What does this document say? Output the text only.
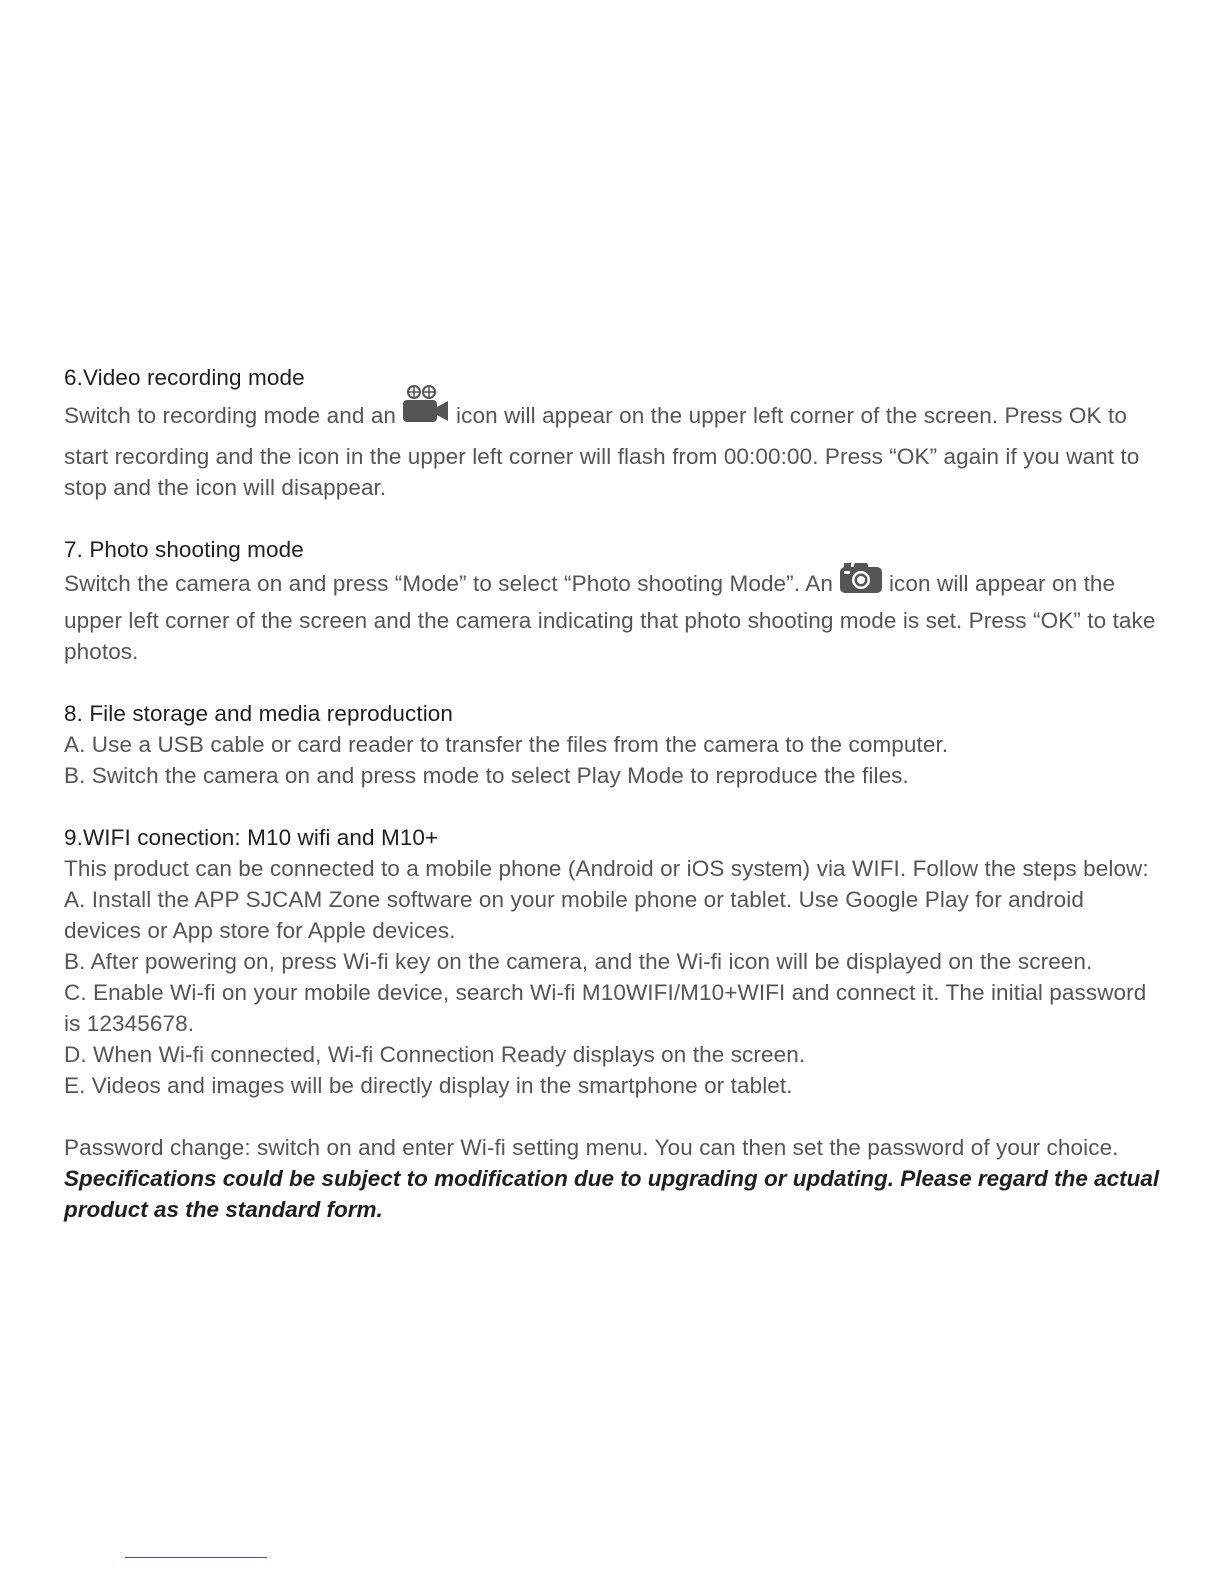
6.Video recording mode

Switch to recording mode and an	icon will appear on the upper left corner of the screen. Press OK to start recording and the icon in the upper left corner will flash from 00:00:00. Press “OK” again if you want to stop and the icon will disappear.

7. Photo shooting mode

Switch the camera on and press “Mode” to select “Photo shooting Mode”. An icon will appear on the upper left corner of the screen and the camera indicating that photo shooting mode is set. Press “OK” to take photos.

8. File storage and media reproduction

A. Use a USB cable or card reader to transfer the files from the camera to the computer.

B. Switch the camera on and press mode to select Play Mode to reproduce the files.

9.WIFI conection: M10 wifi and M10+

This product can be connected to a mobile phone (Android or iOS system) via WIFI. Follow the steps below:

A. Install the APP SJCAM Zone software on your mobile phone or tablet. Use Google Play for android devices or App store for Apple devices.

B. After powering on, press Wi-fi key on the camera, and the Wi-fi icon will be displayed on the screen.

C. Enable Wi-fi on your mobile device, search Wi-fi M10WIFI/M10+WIFI and connect it. The initial password is 12345678.

D. When Wi-fi connected, Wi-fi Connection Ready displays on the screen.

E. Videos and images will be directly display in the smartphone or tablet.

Password change: switch on and enter Wi-fi setting menu. You can then set the password of your choice.

Specifications could be subject to modification due to upgrading or updating. Please regard the actual product as the standard form.
